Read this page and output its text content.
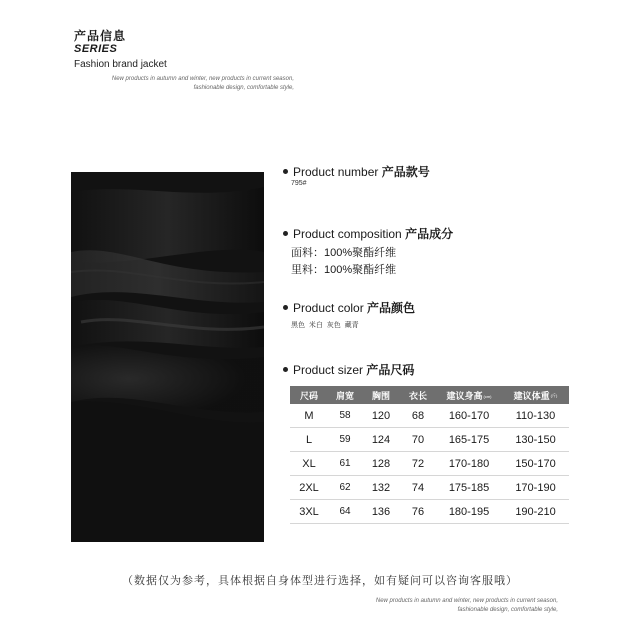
产品信息
SERIES
Fashion brand jacket
New products in autumn and winter, new products in current season,
fashionable design, comfortable style,
Product number 产品款号
795#
Product composition 产品成分
面料：100%聚酯纤维
里料：100%聚酯纤维
Product color 产品颜色
黑色  米白  灰色  藏青
Product sizer 产品尺码
尺码	肩宽	胸围	衣长	建议身高(cm)	建议体重(斤)
M	58	120	68	160-170	110-130
L	59	124	70	165-175	130-150
XL	61	128	72	170-180	150-170
2XL	62	132	74	175-185	170-190
3XL	64	136	76	180-195	190-210
（数据仅为参考，具体根据自身体型进行选择，如有疑问可以咨询客服哦）
New products in autumn and winter, new products in current season,
fashionable design, comfortable style,
